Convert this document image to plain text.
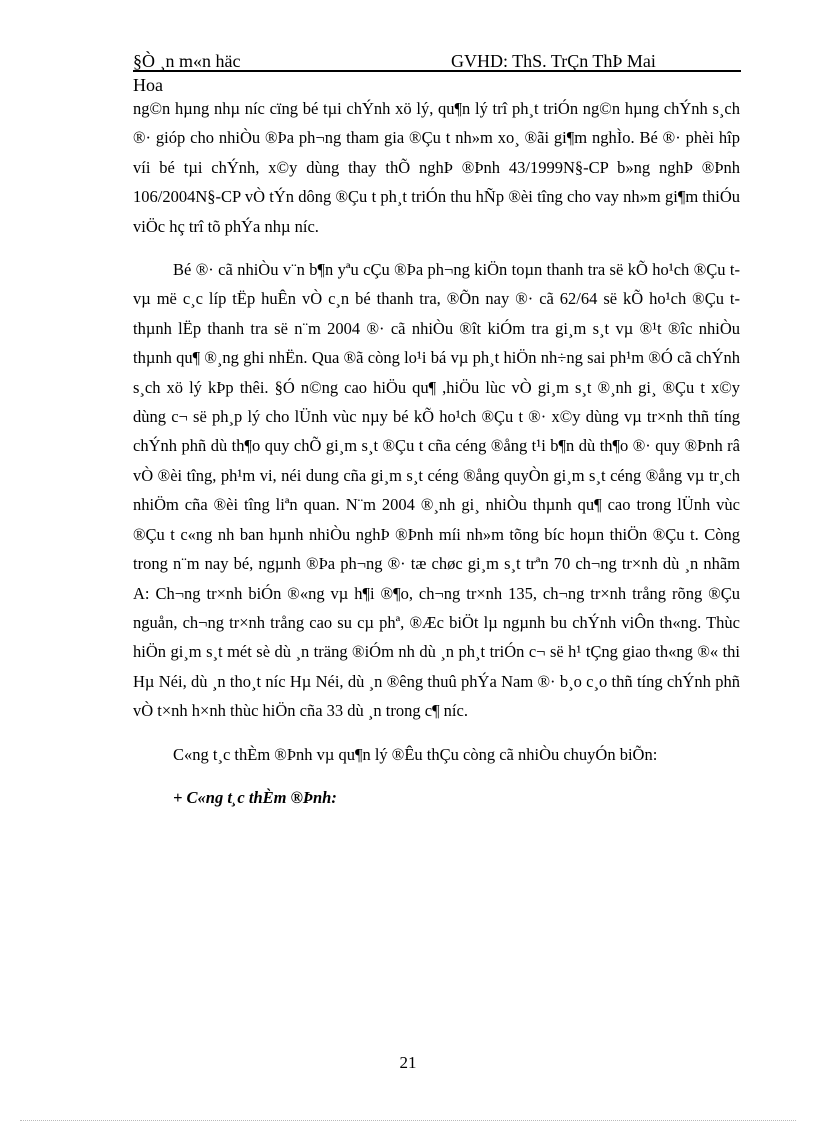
§Ò ¸n m«n häc	GVHD: ThS. TrÇn ThÞ Mai
Hoa

ng©n hµng nhµ níc cïng bé tµi chÝnh xö lý, qu¶n lý trî ph¸t triÓn ng©n hµng chÝnh s¸ch ®· gióp cho nhiÒu ®Þa ph¬ng tham gia ®Çu t nh»m xo¸ ®ãi gi¶m nghÌo. Bé ®· phèi hîp víi bé tµi chÝnh, x©y dùng thay thÕ nghÞ ®Þnh 43/1999N§-CP b»ng nghÞ ®Þnh 106/2004N§-CP vÒ tÝn dông ®Çu t ph¸t triÓn thu hÑp ®èi tîng cho vay nh»m gi¶m thiÓu viÖc hç trî tõ phÝa nhµ níc.

Bé ®· cã nhiÒu v¨n b¶n yªu cÇu ®Þa ph¬ng kiÖn toµn thanh tra së kÕ ho¹ch ®Çu t vµ më c¸c líp tËp huÊn vÒ c¸n bé thanh tra, ®Õn nay ®· cã 62/64 së kÕ ho¹ch ®Çu t thµnh lËp thanh tra së n¨m 2004 ®· cã nhiÒu ®ît kiÓm tra gi¸m s¸t vµ ®¹t ®îc nhiÒu thµnh qu¶ ®¸ng ghi nhËn. Qua ®ã còng lo¹i bá vµ ph¸t hiÖn nh÷ng sai ph¹m ®Ó cã chÝnh s¸ch xö lý kÞp thêi. §Ó n©ng cao hiÖu qu¶ ,hiÖu lùc vÒ gi¸m s¸t ®¸nh gi¸ ®Çu t x©y dùng c¬ së ph¸p lý cho lÜnh vùc nµy bé kÕ ho¹ch ®Çu t ®· x©y dùng vµ tr×nh thñ tíng chÝnh phñ dù th¶o quy chÕ gi¸m s¸t ®Çu t cña céng ®ång t¹i b¶n dù th¶o ®· quy ®Þnh râ vÒ ®èi tîng, ph¹m vi, néi dung cña gi¸m s¸t céng ®ång quyÒn gi¸m s¸t céng ®ång vµ tr¸ch nhiÖm cña ®èi tîng liªn quan. N¨m 2004 ®¸nh gi¸ nhiÒu thµnh qu¶ cao trong lÜnh vùc ®Çu t c«ng nh ban hµnh nhiÒu nghÞ ®Þnh míi nh»m tõng bíc hoµn thiÖn ®Çu t. Còng trong n¨m nay bé, ngµnh ®Þa ph¬ng ®· tæ chøc gi¸m s¸t trªn 70 ch¬ng tr×nh dù ¸n nhãm A: Ch¬ng tr×nh biÓn ®«ng vµ h¶i ®¶o, ch¬ng tr×nh 135, ch¬ng tr×nh trång rõng ®Çu nguån, ch¬ng tr×nh trång cao su cµ phª, ®Æc biÖt lµ ngµnh bu chÝnh viÔn th«ng. Thùc hiÖn gi¸m s¸t mét sè dù ¸n träng ®iÓm nh dù ¸n ph¸t triÓn c¬ së h¹ tÇng giao th«ng ®« thi Hµ Néi, dù ¸n tho¸t níc Hµ Néi, dù ¸n ®êng thuû phÝa Nam ®· b¸o c¸o thñ tíng chÝnh phñ vÒ t×nh h×nh thùc hiÖn cña 33 dù ¸n trong c¶ níc.

C«ng t¸c thÈm ®Þnh vµ qu¶n lý ®Êu thÇu còng cã nhiÒu chuyÓn biÕn:

+ C«ng t¸c thÈm ®Þnh:

21
